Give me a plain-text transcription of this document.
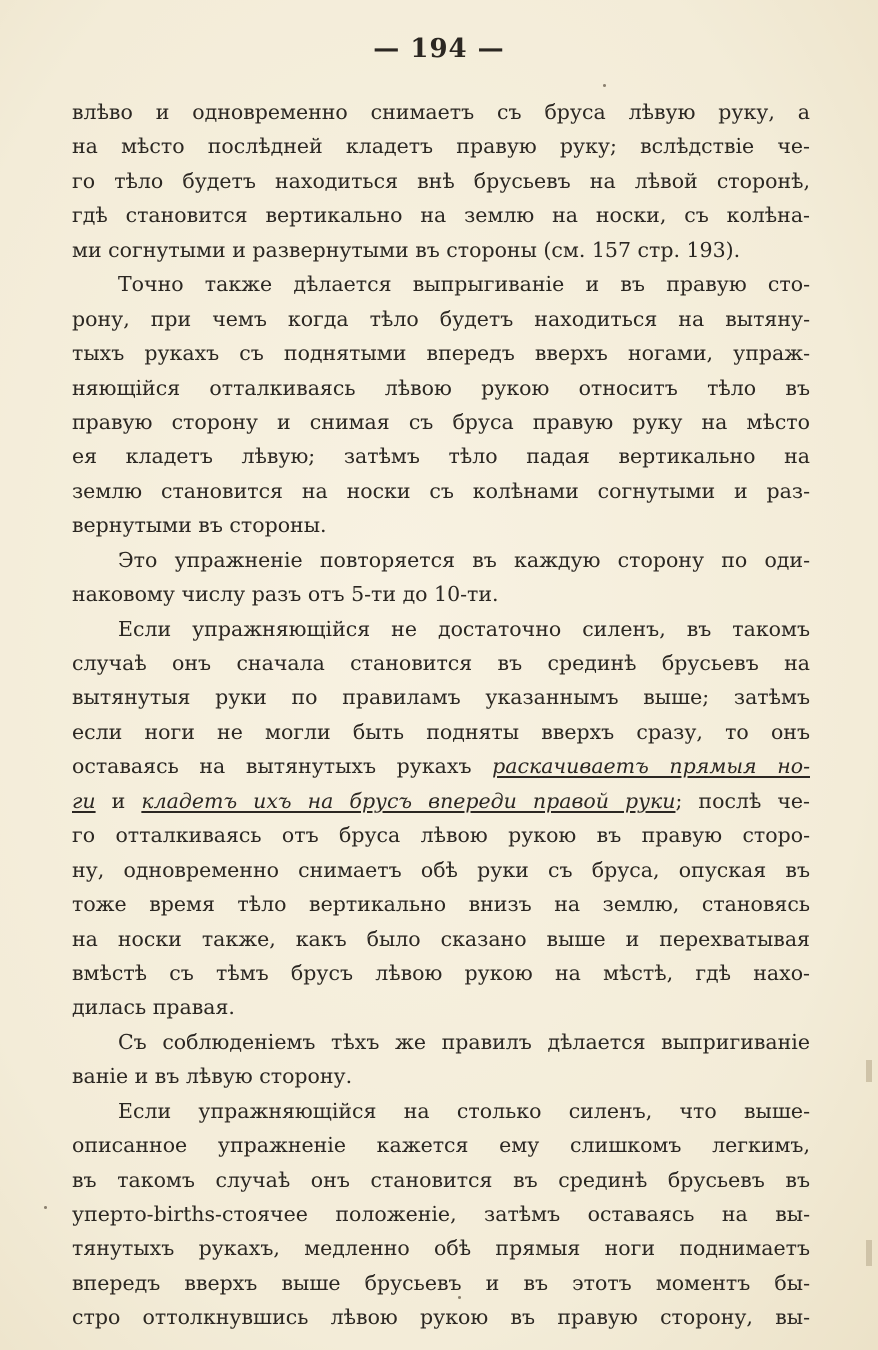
— 194 —
влѣво и одновременно снимаетъ съ бруса лѣвую руку, а
на мѣсто послѣдней кладетъ правую руку; вслѣдствіе че-
го тѣло будетъ находиться внѣ брусьевъ на лѣвой сторонѣ,
гдѣ становится вертикально на землю на носки, съ колѣна-
ми согнутыми и развернутыми въ стороны (см. 157 стр. 193).
Точно также дѣлается выпрыгиваніе и въ правую сто-
рону, при чемъ когда тѣло будетъ находиться на вытяну-
тыхъ рукахъ съ поднятыми впередъ вверхъ ногами, упраж-
няющійся отталкиваясь лѣвою рукою относитъ тѣло въ
правую сторону и снимая съ бруса правую руку на мѣсто
ея кладетъ лѣвую; затѣмъ тѣло падая вертикально на
землю становится на носки съ колѣнами согнутыми и раз-
вернутыми въ стороны.
Это упражненіе повторяется въ каждую сторону по оди-
наковому числу разъ отъ 5-ти до 10-ти.
Если упражняющійся не достаточно силенъ, въ такомъ
случаѣ онъ сначала становится въ срединѣ брусьевъ на
вытянутыя руки по правиламъ указаннымъ выше; затѣмъ
если ноги не могли быть подняты вверхъ сразу, то онъ
оставаясь на вытянутыхъ рукахъ раскачиваетъ прямыя но-
ги и кладетъ ихъ на брусъ впереди правой руки; послѣ че-
го отталкиваясь отъ бруса лѣвою рукою въ правую сторо-
ну, одновременно снимаетъ обѣ руки съ бруса, опуская въ
тоже время тѣло вертикально внизъ на землю, становясь
на носки также, какъ было сказано выше и перехватывая
вмѣстѣ съ тѣмъ брусъ лѣвою рукою на мѣстѣ, гдѣ нахо-
дилась правая.
Съ соблюденіемъ тѣхъ же правилъ дѣлается выпригиваніе
ваніе и въ лѣвую сторону.
Если упражняющійся на столько силенъ, что выше-
описанное упражненіе кажется ему слишкомъ легкимъ,
въ такомъ случаѣ онъ становится въ срединѣ брусьевъ въ
уперто-births-стоячее положеніе, затѣмъ оставаясь на вы-
тянутыхъ рукахъ, медленно обѣ прямыя ноги поднимаетъ
впередъ вверхъ выше брусьевъ и въ этотъ моментъ бы-
стро оттолкнувшись лѣвою рукою въ правую сторону, вы-
